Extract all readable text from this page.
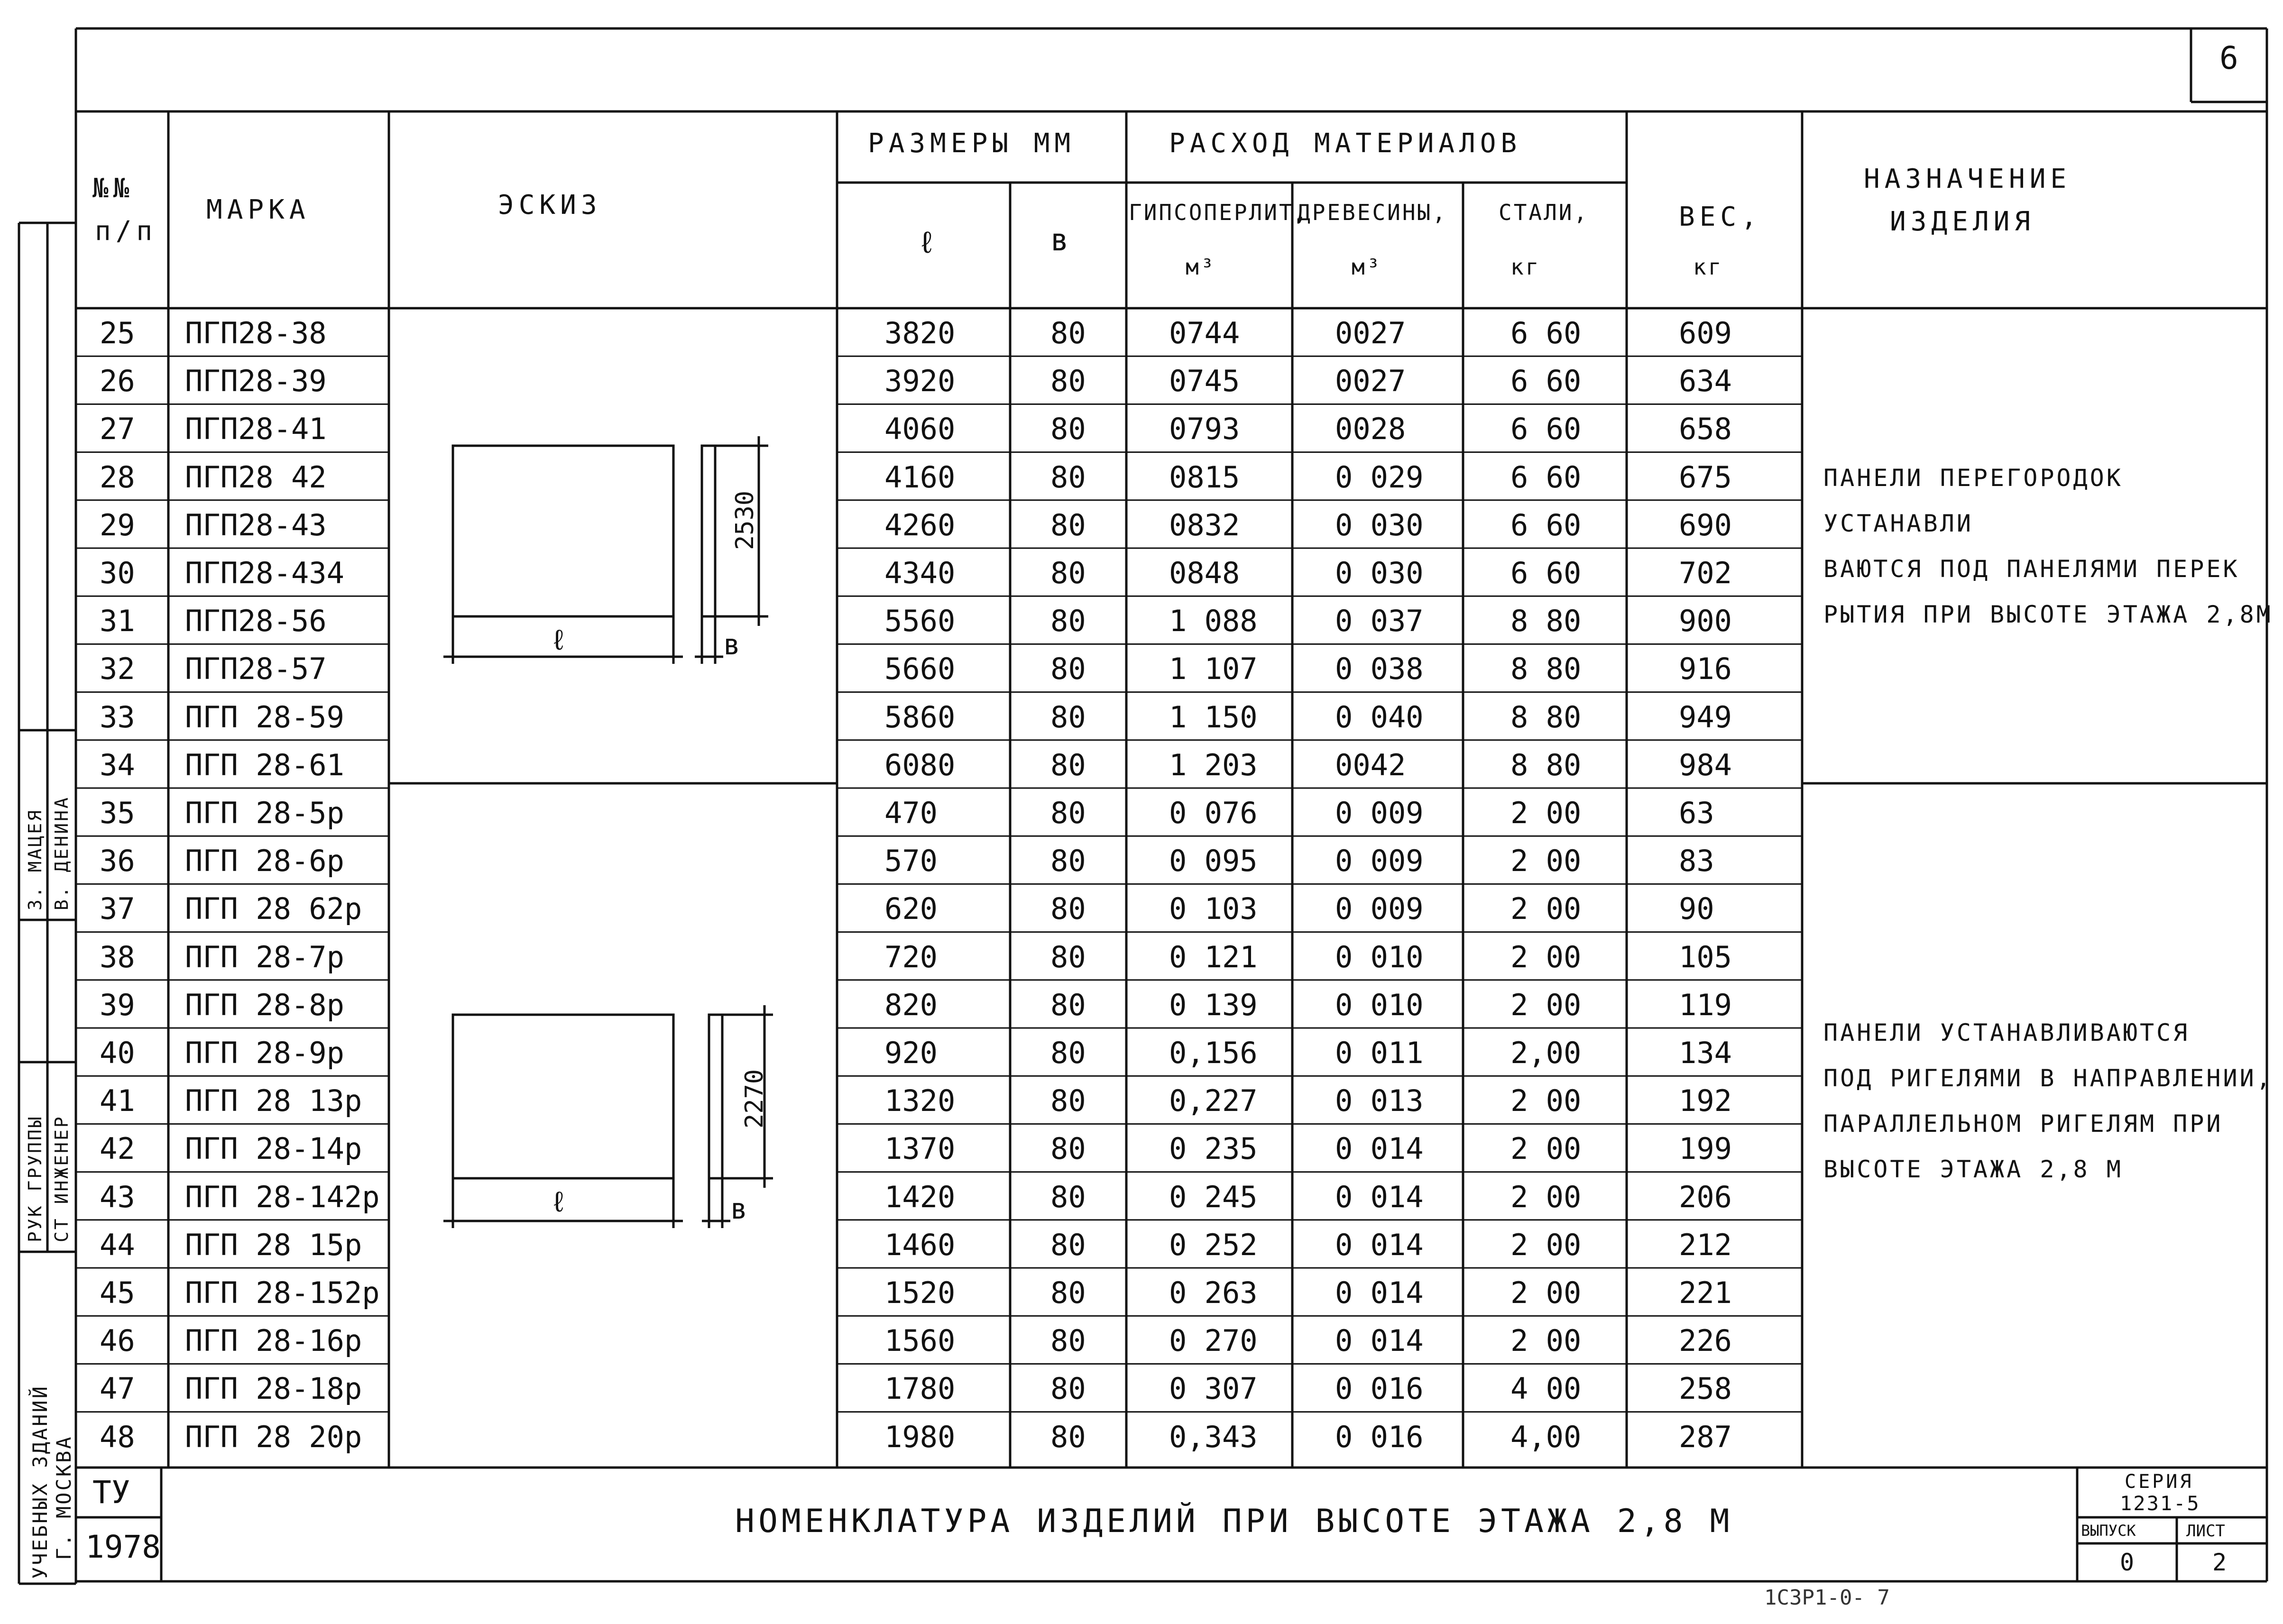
6
№№
п/п
МАРКА	ЭСКИЗ
РАЗМЕРЫ ММ
ℓ	в
РАСХОД МАТЕРИАЛОВ
ГИПСОПЕРЛИТ,
м³
ДРЕВЕСИНЫ,
м³
СТАЛИ,
кг
ВЕС,
кг
НАЗНАЧЕНИЕ
ИЗДЕЛИЯ
25 ПГП28-38	3820	80	0744	0027	6 60	609
26 ПГП28-39	3920	80	0745	0027	6 60	634
27 ПГП28-41	4060	80	0793	0028	6 60	658
28 ПГП28 42	4160	80	0815	0 029	6 60	675
29 ПГП28-43	4260	80	0832	0 030	6 60	690
30 ПГП28-434	4340	80	0848	0 030	6 60	702
31 ПГП28-56	5560	80	1 088	0 037	8 80	900
32 ПГП28-57	5660	80	1 107	0 038	8 80	916
33 ПГП 28-59	5860	80	1 150	0 040	8 80	949
34 ПГП 28-61	6080	80	1 203	0042	8 80	984
35 ПГП 28-5р	470	80	0 076	0 009	2 00	63
36 ПГП 28-6р	570	80	0 095	0 009	2 00	83
37 ПГП 28 62р	620	80	0 103	0 009	2 00	90
38 ПГП 28-7р	720	80	0 121	0 010	2 00	105
39 ПГП 28-8р	820	80	0 139	0 010	2 00	119
40 ПГП 28-9р	920	80	0,156	0 011	2,00	134
41 ПГП 28 13р	1320	80	0,227	0 013	2 00	192
42 ПГП 28-14р	1370	80	0 235	0 014	2 00	199
43 ПГП 28-142р	1420	80	0 245	0 014	2 00	206
44 ПГП 28 15р	1460	80	0 252	0 014	2 00	212
45 ПГП 28-152р	1520	80	0 263	0 014	2 00	221
46 ПГП 28-16р	1560	80	0 270	0 014	2 00	226
47 ПГП 28-18р	1780	80	0 307	0 016	4 00	258
48 ПГП 28 20р	1980	80	0,343	0 016	4,00	287
2530
ℓ	в
2270
ℓ	в
ПАНЕЛИ ПЕРЕГОРОДОК УСТАНАВЛИ
ВАЮТСЯ ПОД ПАНЕЛЯМИ ПЕРЕК
РЫТИЯ ПРИ ВЫСОТЕ ЭТАЖА 2,8М
ПАНЕЛИ УСТАНАВЛИВАЮТСЯ
ПОД РИГЕЛЯМИ В НАПРАВЛЕНИИ,
ПАРАЛЛЕЛЬНОМ РИГЕЛЯМ ПРИ
ВЫСОТЕ ЭТАЖА 2,8 М
ТУ
1978
НОМЕНКЛАТУРА ИЗДЕЛИЙ ПРИ ВЫСОТЕ ЭТАЖА 2,8 М
СЕРИЯ
1231-5
ВЫПУСК
0
ЛИСТ
2
1С3Р1-0- 7
УЧЕБНЫХ ЗДАНИЙ Г. МОСКВА
РУК ГРУППЫ СТ ИНЖЕНЕР
З. МАЦЕЯ В. ДЕНИНА
